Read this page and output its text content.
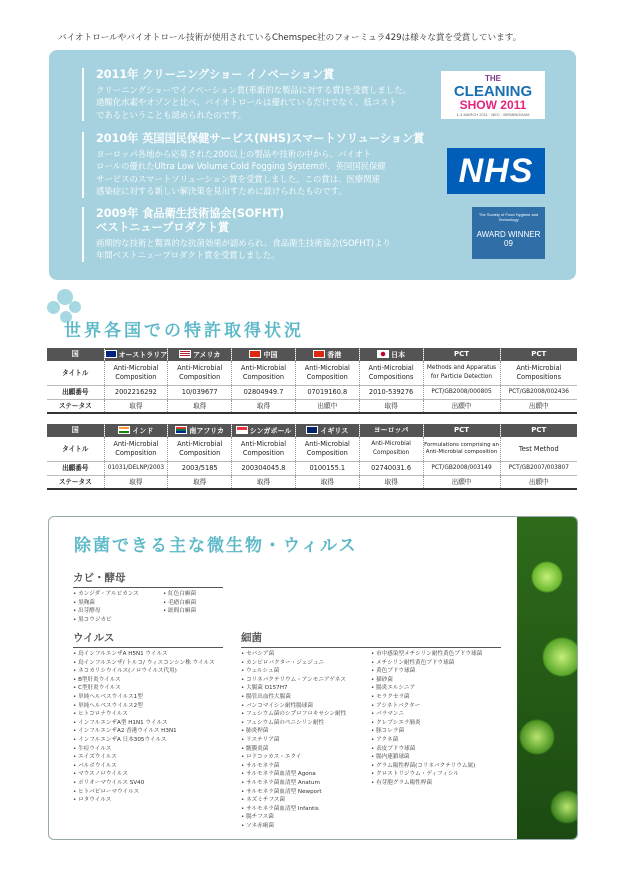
バイオトロールやバイオトロール技術が使用されているChemspec社のフォーミュラ429は様々な賞を受賞しています。
2011年 クリーニングショー イノベーション賞
クリーニングショーでイノベーション賞(革新的な製品に対する賞)を受賞しました。
過酸化水素やオゾンと比べ、バイオトロールは優れているだけでなく、低コスト
であるということも認められたのです。
2010年 英国国民保健サービス(NHS)スマートソリューション賞
ヨーロッパ各地から応募された200以上の製品や技術の中から、バイオト
ロールの優れたUltra Low Volume Cold Fogging Systemが、英国国民保健
サービスのスマートソリューション賞を受賞しました。この賞は、医療関連
感染症に対する新しい解決策を見出すために設けられたものです。
2009年 食品衛生技術協会(SOFHT)
ベストニュープロダクト賞
画期的な技術と驚異的な抗菌効果が認められ、食品衛生技術協会(SOFHT)より
年間ベストニュープロダクト賞を受賞しました。
THE
CLEANING
SHOW 2011
1-3 MARCH 2011 · NEC · BIRMINGHAM
NHS
The Society of Food Hygiene and Technology
AWARD WINNER 09
世界各国での特許取得状況
国	オーストラリア	アメリカ	中国	香港	日本	PCT	PCT
タイトル	Anti-Microbial Composition	Anti-Microbial Composition	Anti-Microbial Composition	Anti-Microbial Composition	Anti-Microbial Compositions	Methods and Apparatus for Particle Detection	Anti-Microbial Compositions
出願番号	2002216292	10/039677	02804949.7	07019160.8	2010-539276	PCT/GB2008/000805	PCT/GB2008/002436
ステータス	取得	取得	取得	出願中	取得	出願中	出願中
国	インド	南アフリカ	シンガポール	イギリス	ヨーロッパ	PCT	PCT
タイトル	Anti-Microbial Composition	Anti-Microbial Composition	Anti-Microbial Composition	Anti-Microbial Composition	Anti-Microbial Composition	Formulations comprising an Anti-Microbial composition	Test Method
出願番号	01031/DELNP/2003	2003/5185	200304045.8	0100155.1	02740031.6	PCT/GB2008/003149	PCT/GB2007/003807
ステータス	取得	取得	取得	取得	取得	出願中	出願中
除菌できる主な微生物・ウィルス
カビ・酵母
• カンジダ・アルビカンス
• 黒麹菌
• 出芽酵母
• 黒コウジカビ
• 紅色白癬菌
• 毛瘡白癬菌
• 趾間白癬菌
ウイルス
• 鳥インフルエンザA H5N1 ウイルス
• 鳥インフルエンザ/ トルコ/ ウィスコンシン株 ウイルス
• ネコカリシウイルス(ノロウイルス代用)
• B型肝炎ウイルス
• C型肝炎ウイルス
• 単純ヘルペスウイルス1型
• 単純ヘルペスウイルス2型
• ヒトコロナウイルス
• インフルエンザA型 H1N1 ウイルス
• インフルエンザA2 香港ウイルス H3N1
• インフルエンザA 日本305ウイルス
• 牛痘ウイルス
• エイズウイルス
• パルボウイルス
• マウスノロウイルス
• ポリオーマウイルス SV40
• ヒトパピローマウイルス
• ロタウイルス
細菌
• セパシア菌
• カンピロバクター・ジェジュニ
• ウェルシュ菌
• コリネバクテリウム・アンモニアゲネス
• 大腸菌 O157H7
• 腸管出血性大腸菌
• バンコマイシン耐性腸球菌
• フェシウム菌のシプロフロキサシン耐性
• フェシウム菌のペニシリン耐性
• 肺炎桿菌
• リステリア菌
• 髄膜炎菌
• ロドコッカス・エクイ
• サルモネラ菌
• サルモネラ菌血清型 Agona
• サルモネラ菌血清型 Anatum
• サルモネラ菌血清型 Newport
• ネズミチフス菌
• サルモネラ菌血清型 Infantis
• 腸チフス菌
• ソネ赤痢菌
• 市中感染型メチシリン耐性黄色ブドウ球菌
• メチシリン耐性黄色ブドウ球菌
• 黄色ブドウ球菌
• 猫砂菌
• 腸炎エルシニア
• モラクセラ菌
• アシネトバクター
• パラマンニ
• クレブシエラ肺炎
• 豚コレラ菌
• アクネ菌
• 表皮ブドウ球菌
• 腸内連鎖球菌
• グラム陽性桿菌(コリネバクテリウム属)
• クロストリジウム・ディフィシル
• 有芽胞グラム陽性桿菌
